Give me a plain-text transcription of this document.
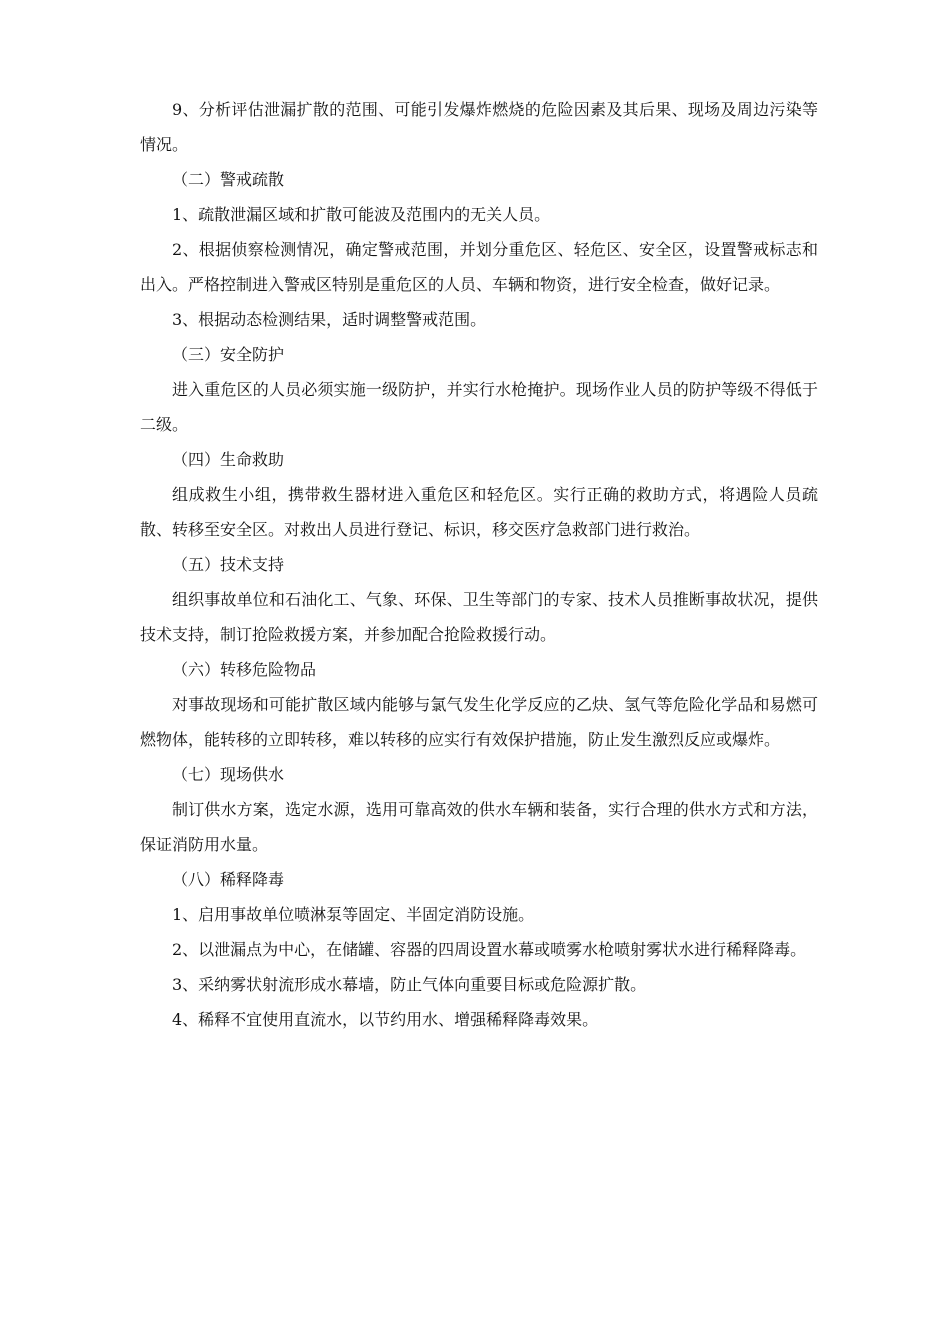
9、分析评估泄漏扩散的范围、可能引发爆炸燃烧的危险因素及其后果、现场及周边污染等情况。

（二）警戒疏散

1、疏散泄漏区域和扩散可能波及范围内的无关人员。

2、根据侦察检测情况，确定警戒范围，并划分重危区、轻危区、安全区，设置警戒标志和出入。严格控制进入警戒区特别是重危区的人员、车辆和物资，进行安全检查，做好记录。

3、根据动态检测结果，适时调整警戒范围。

（三）安全防护

进入重危区的人员必须实施一级防护，并实行水枪掩护。现场作业人员的防护等级不得低于二级。

（四）生命救助

组成救生小组，携带救生器材进入重危区和轻危区。实行正确的救助方式，将遇险人员疏散、转移至安全区。对救出人员进行登记、标识，移交医疗急救部门进行救治。

（五）技术支持

组织事故单位和石油化工、气象、环保、卫生等部门的专家、技术人员推断事故状况，提供技术支持，制订抢险救援方案，并参加配合抢险救援行动。

（六）转移危险物品

对事故现场和可能扩散区域内能够与氯气发生化学反应的乙炔、氢气等危险化学品和易燃可燃物体，能转移的立即转移，难以转移的应实行有效保护措施，防止发生激烈反应或爆炸。

（七）现场供水

制订供水方案，选定水源，选用可靠高效的供水车辆和装备，实行合理的供水方式和方法，保证消防用水量。

（八）稀释降毒

1、启用事故单位喷淋泵等固定、半固定消防设施。

2、以泄漏点为中心，在储罐、容器的四周设置水幕或喷雾水枪喷射雾状水进行稀释降毒。

3、采纳雾状射流形成水幕墙，防止气体向重要目标或危险源扩散。

4、稀释不宜使用直流水，以节约用水、增强稀释降毒效果。
